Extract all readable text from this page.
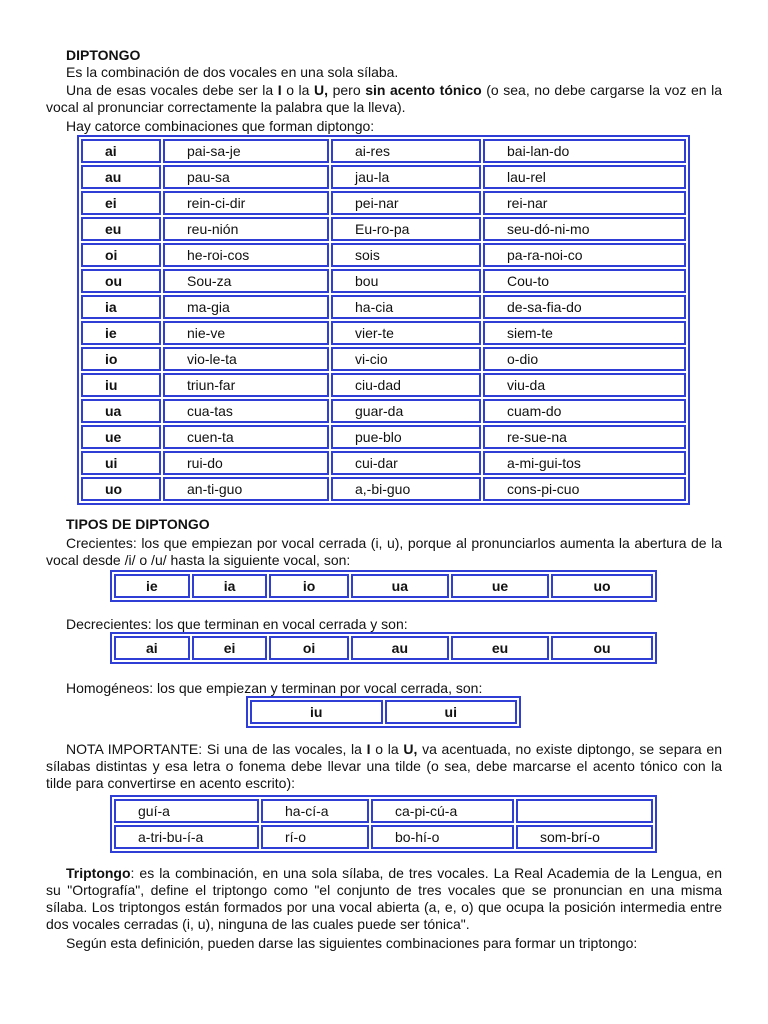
DIPTONGO
Es la combinación de dos vocales en una sola sílaba.
Una de esas vocales debe ser la I o la U, pero sin acento tónico (o sea, no debe cargarse la voz en la vocal al pronunciar correctamente la palabra que la lleva).
Hay catorce combinaciones que forman diptongo:
ai	pai-sa-je	ai-res	bai-lan-do
au	pau-sa	jau-la	lau-rel
ei	rein-ci-dir	pei-nar	rei-nar
eu	reu-nión	Eu-ro-pa	seu-dó-ni-mo
oi	he-roi-cos	sois	pa-ra-noi-co
ou	Sou-za	bou	Cou-to
ia	ma-gia	ha-cia	de-sa-fia-do
ie	nie-ve	vier-te	siem-te
io	vio-le-ta	vi-cio	o-dio
iu	triun-far	ciu-dad	viu-da
ua	cua-tas	guar-da	cuam-do
ue	cuen-ta	pue-blo	re-sue-na
ui	rui-do	cui-dar	a-mi-gui-tos
uo	an-ti-guo	a,-bi-guo	cons-pi-cuo
TIPOS DE DIPTONGO
Crecientes: los que empiezan por vocal cerrada (i, u), porque al pronunciarlos aumenta la abertura de la vocal desde /i/ o /u/ hasta la siguiente vocal, son:
ie	ia	io	ua	ue	uo
Decrecientes: los que terminan en vocal cerrada y son:
ai	ei	oi	au	eu	ou
Homogéneos: los que empiezan y terminan por vocal cerrada, son:
iu	ui
NOTA IMPORTANTE: Si una de las vocales, la I o la U, va acentuada, no existe diptongo, se separa en sílabas distintas y esa letra o fonema debe llevar una tilde (o sea, debe marcarse el acento tónico con la tilde para convertirse en acento escrito):
guí-a	ha-cí-a	ca-pi-cú-a	
a-tri-bu-í-a	rí-o	bo-hí-o	som-brí-o
Triptongo: es la combinación, en una sola sílaba, de tres vocales. La Real Academia de la Lengua, en su "Ortografía", define el triptongo como "el conjunto de tres vocales que se pronuncian en una misma sílaba. Los triptongos están formados por una vocal abierta (a, e, o) que ocupa la posición intermedia entre dos vocales cerradas (i, u), ninguna de las cuales puede ser tónica".
Según esta definición, pueden darse las siguientes combinaciones para formar un triptongo:
